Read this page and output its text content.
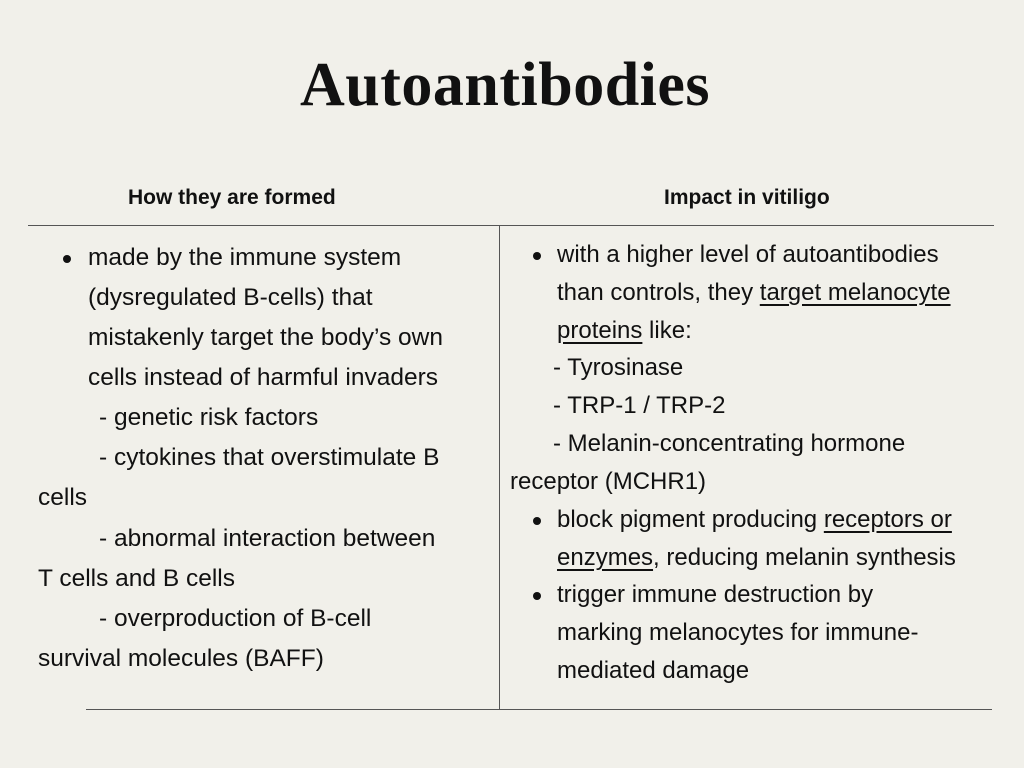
Autoantibodies
How they are formed	Impact in vitiligo
made by the immune system
(dysregulated B-cells) that
mistakenly target the body’s own
cells instead of harmful invaders
- genetic risk factors
- cytokines that overstimulate B
cells
- abnormal interaction between
T cells and B cells
- overproduction of B-cell
survival molecules (BAFF)
with a higher level of autoantibodies
than controls, they target melanocyte
proteins like:
- Tyrosinase
- TRP-1 / TRP-2
- Melanin-concentrating hormone
receptor (MCHR1)
block pigment producing receptors or
enzymes, reducing melanin synthesis
trigger immune destruction by
marking melanocytes for immune-
mediated damage
